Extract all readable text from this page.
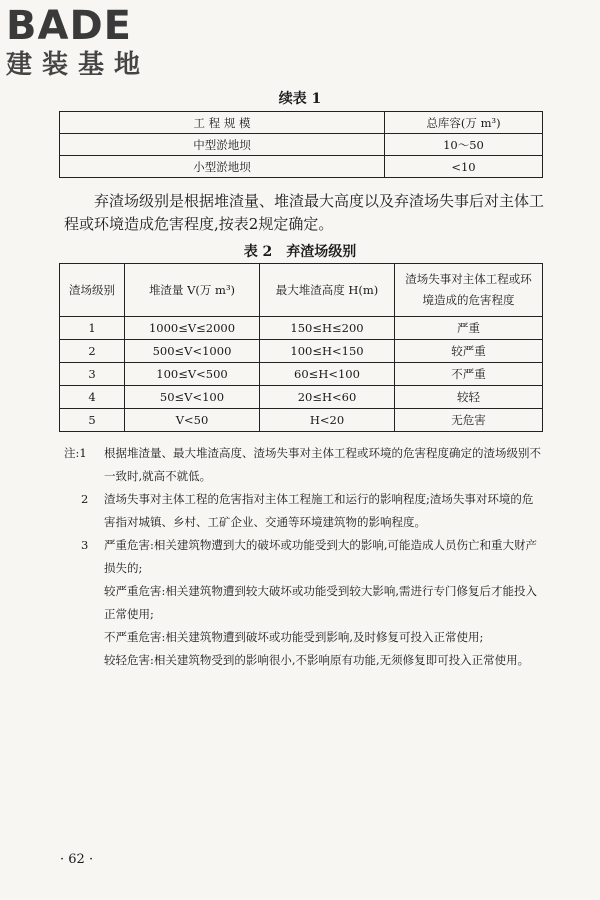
BADE
建装基地
续表 1
工 程 规 模	总库容(万 m³)
中型淤地坝	10～50
小型淤地坝	<10

弃渣场级别是根据堆渣量、堆渣最大高度以及弃渣场失事后对主体工程或环境造成危害程度,按表2规定确定。

表 2　弃渣场级别
渣场级别	堆渣量 V(万 m³)	最大堆渣高度 H(m)	渣场失事对主体工程或环境造成的危害程度
1	1000≤V≤2000	150≤H≤200	严重
2	500≤V<1000	100≤H<150	较严重
3	100≤V<500	60≤H<100	不严重
4	50≤V<100	20≤H<60	较轻
5	V<50	H<20	无危害
注:1	根据堆渣量、最大堆渣高度、渣场失事对主体工程或环境的危害程度确定的渣场级别不一致时,就高不就低。
2	渣场失事对主体工程的危害指对主体工程施工和运行的影响程度;渣场失事对环境的危害指对城镇、乡村、工矿企业、交通等环境建筑物的影响程度。
3	严重危害:相关建筑物遭到大的破坏或功能受到大的影响,可能造成人员伤亡和重大财产损失的;
较严重危害:相关建筑物遭到较大破坏或功能受到较大影响,需进行专门修复后才能投入正常使用;
不严重危害:相关建筑物遭到破坏或功能受到影响,及时修复可投入正常使用;
较轻危害:相关建筑物受到的影响很小,不影响原有功能,无须修复即可投入正常使用。
· 62 ·
